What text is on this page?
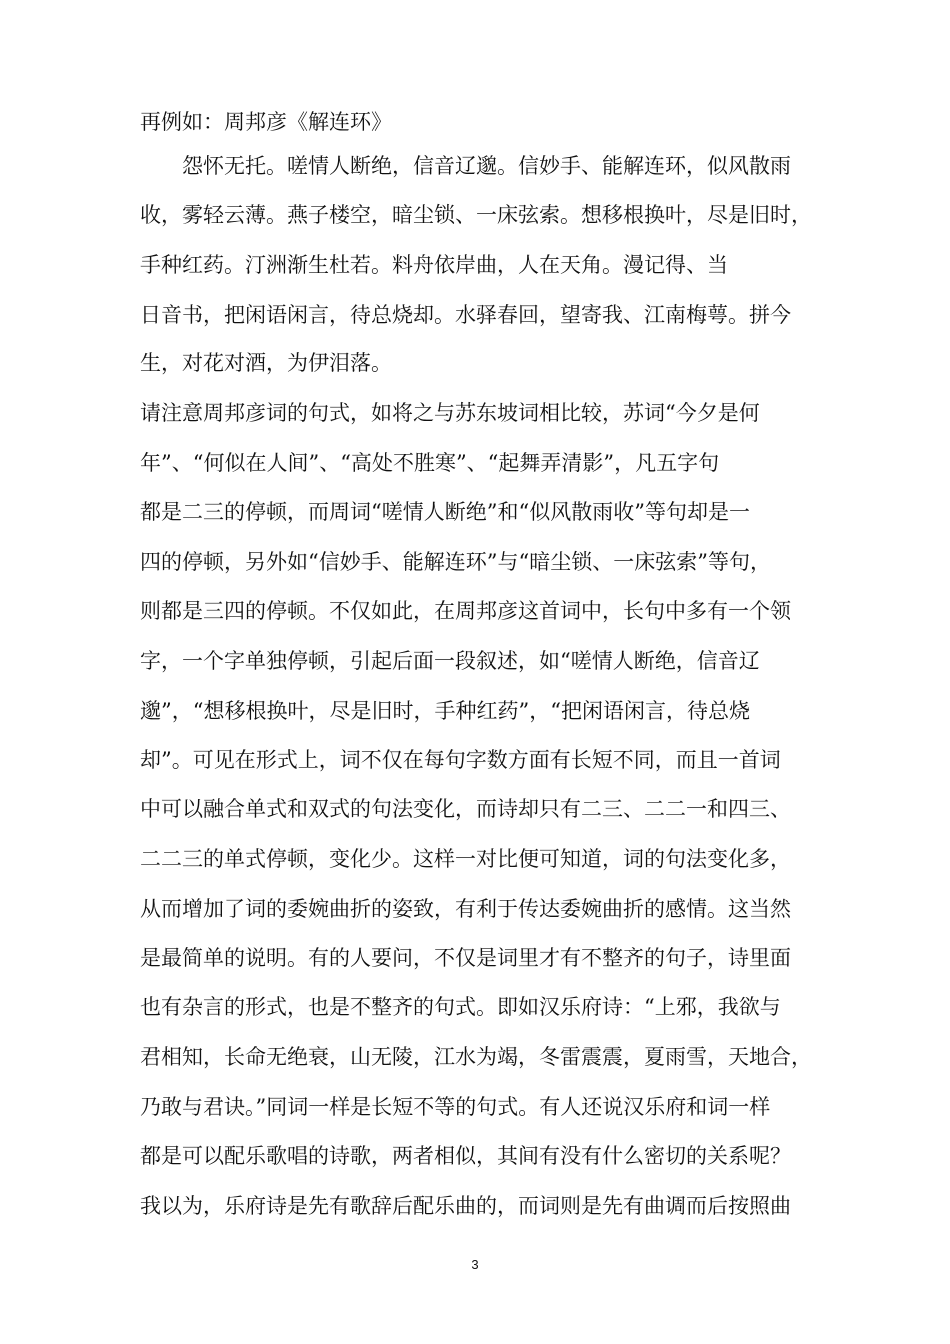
再例如：周邦彦《解连环》

怨怀无托。嗟情人断绝，信音辽邈。信妙手、能解连环，似风散雨

收，雾轻云薄。燕子楼空，暗尘锁、一床弦索。想移根换叶，尽是旧时，

手种红药。汀洲渐生杜若。料舟依岸曲，人在天角。漫记得、当

日音书，把闲语闲言，待总烧却。水驿春回，望寄我、江南梅萼。拼今

生，对花对酒，为伊泪落。

请注意周邦彦词的句式，如将之与苏东坡词相比较，苏词“今夕是何

年”、“何似在人间”、“高处不胜寒”、“起舞弄清影”，凡五字句

都是二三的停顿，而周词“嗟情人断绝”和“似风散雨收”等句却是一

四的停顿，另外如“信妙手、能解连环”与“暗尘锁、一床弦索”等句，

则都是三四的停顿。不仅如此，在周邦彦这首词中，长句中多有一个领

字，一个字单独停顿，引起后面一段叙述，如“嗟情人断绝，信音辽

邈”，“想移根换叶，尽是旧时，手种红药”，“把闲语闲言，待总烧

却”。可见在形式上，词不仅在每句字数方面有长短不同，而且一首词

中可以融合单式和双式的句法变化，而诗却只有二三、二二一和四三、

二二三的单式停顿，变化少。这样一对比便可知道，词的句法变化多，

从而增加了词的委婉曲折的姿致，有利于传达委婉曲折的感情。这当然

是最简单的说明。有的人要问，不仅是词里才有不整齐的句子，诗里面

也有杂言的形式，也是不整齐的句式。即如汉乐府诗：“上邪，我欲与

君相知，长命无绝衰，山无陵，江水为竭，冬雷震震，夏雨雪，天地合，

乃敢与君诀。”同词一样是长短不等的句式。有人还说汉乐府和词一样

都是可以配乐歌唱的诗歌，两者相似，其间有没有什么密切的关系呢？

我以为，乐府诗是先有歌辞后配乐曲的，而词则是先有曲调而后按照曲

3
